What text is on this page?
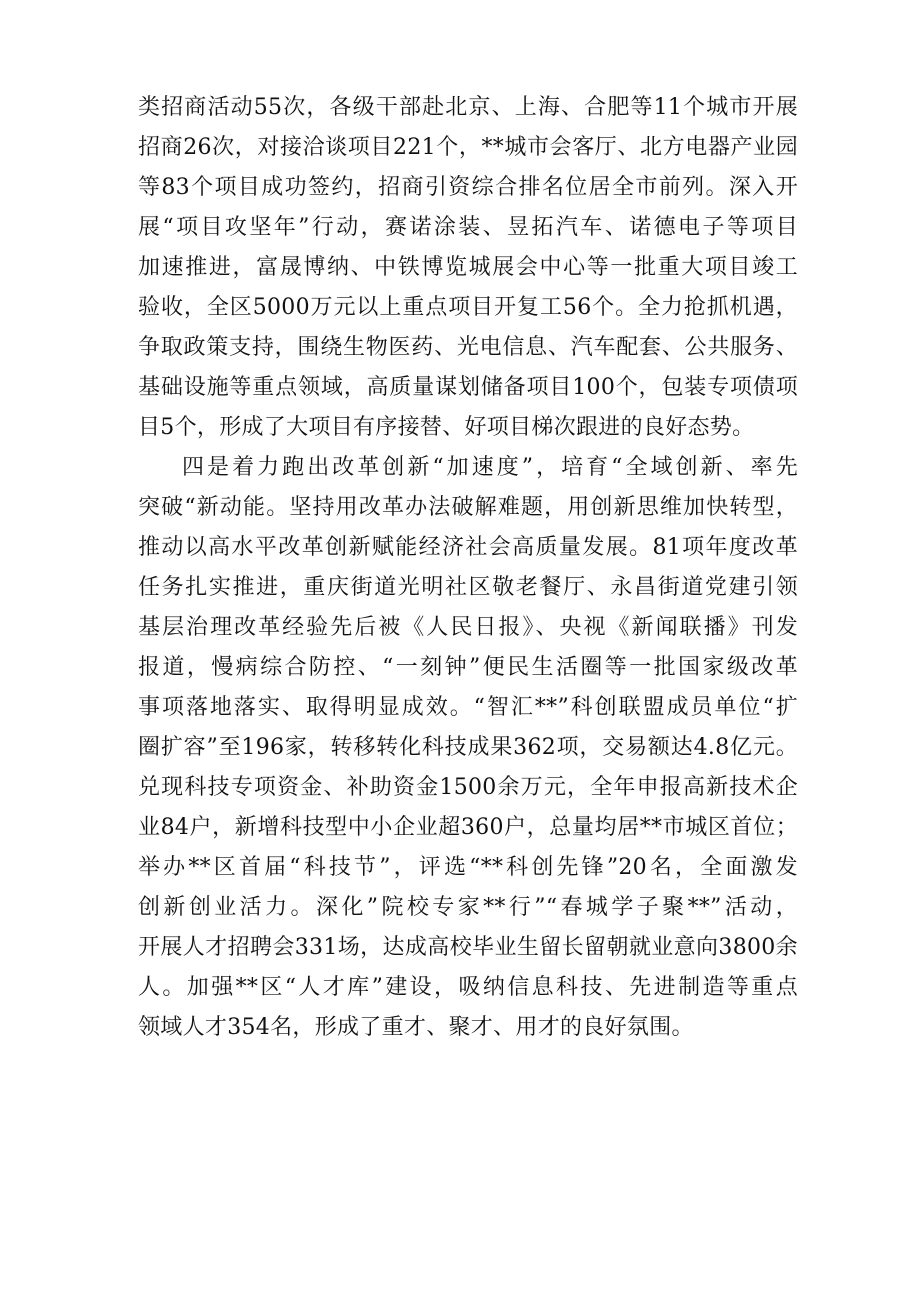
类招商活动55次，各级干部赴北京、上海、合肥等11个城市开展
招商26次，对接洽谈项目221个，**城市会客厅、北方电器产业园
等83个项目成功签约，招商引资综合排名位居全市前列。深入开
展“项目攻坚年”行动，赛诺涂装、昱拓汽车、诺德电子等项目
加速推进，富晟博纳、中铁博览城展会中心等一批重大项目竣工
验收，全区5000万元以上重点项目开复工56个。全力抢抓机遇，
争取政策支持，围绕生物医药、光电信息、汽车配套、公共服务、
基础设施等重点领域，高质量谋划储备项目100个，包装专项债项
目5个，形成了大项目有序接替、好项目梯次跟进的良好态势。
四是着力跑出改革创新“加速度”，培育“全域创新、率先
突破“新动能。坚持用改革办法破解难题，用创新思维加快转型，
推动以高水平改革创新赋能经济社会高质量发展。81项年度改革
任务扎实推进，重庆街道光明社区敬老餐厅、永昌街道党建引领
基层治理改革经验先后被《人民日报》、央视《新闻联播》刊发
报道，慢病综合防控、“一刻钟”便民生活圈等一批国家级改革
事项落地落实、取得明显成效。“智汇**”科创联盟成员单位“扩
圈扩容”至196家，转移转化科技成果362项，交易额达4.8亿元。
兑现科技专项资金、补助资金1500余万元，全年申报高新技术企
业84户，新增科技型中小企业超360户，总量均居**市城区首位；
举办**区首届“科技节”，评选“**科创先锋”20名，全面激发
创新创业活力。深化”院校专家**行”“春城学子聚**”活动，
开展人才招聘会331场，达成高校毕业生留长留朝就业意向3800余
人。加强**区“人才库”建设，吸纳信息科技、先进制造等重点
领域人才354名，形成了重才、聚才、用才的良好氛围。
